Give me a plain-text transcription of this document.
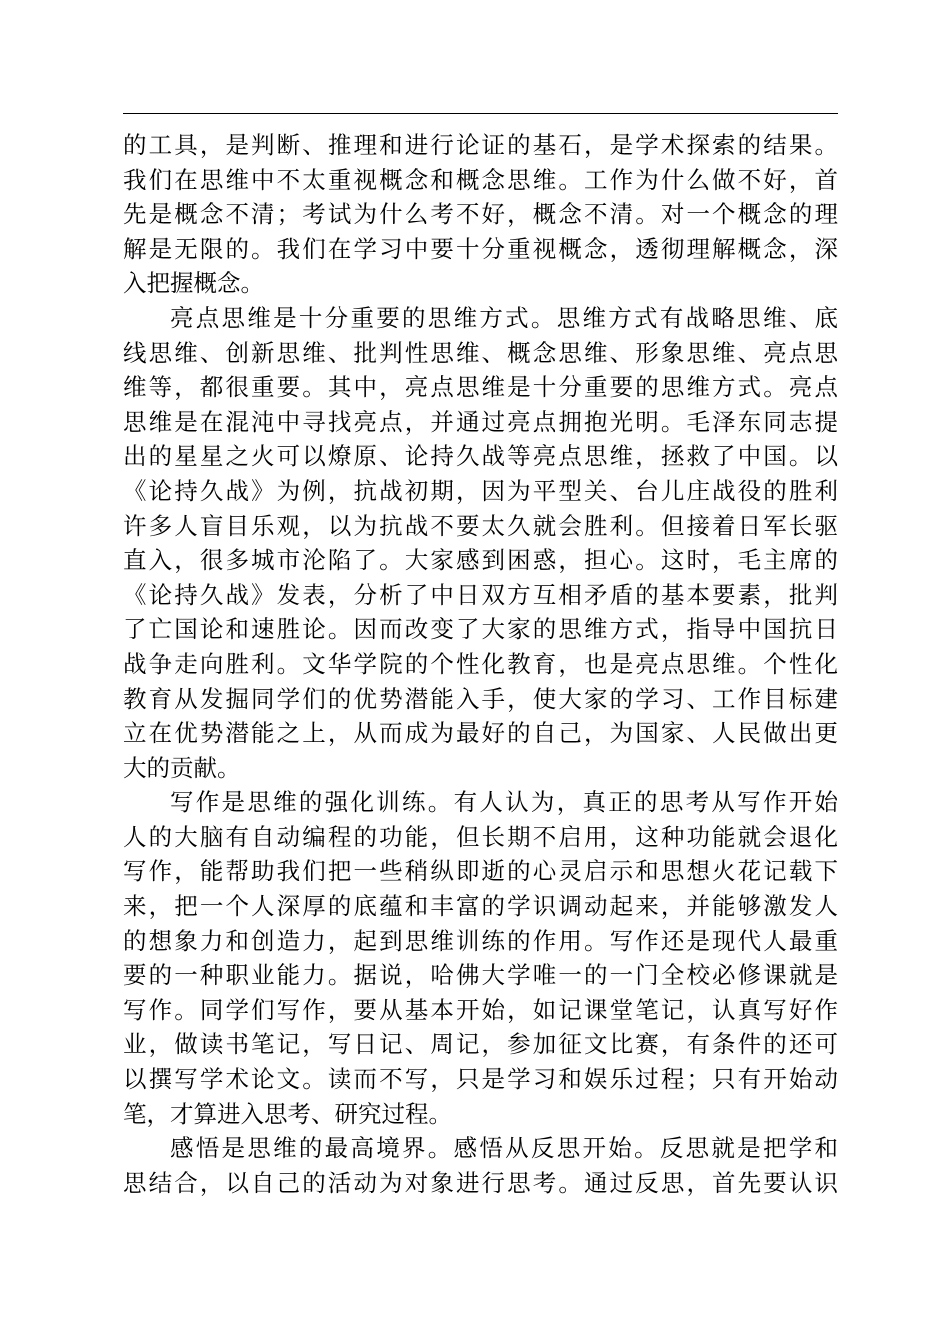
的工具，是判断、推理和进行论证的基石，是学术探索的结果。
我们在思维中不太重视概念和概念思维。工作为什么做不好，首
先是概念不清；考试为什么考不好，概念不清。对一个概念的理
解是无限的。我们在学习中要十分重视概念，透彻理解概念，深
入把握概念。
亮点思维是十分重要的思维方式。思维方式有战略思维、底
线思维、创新思维、批判性思维、概念思维、形象思维、亮点思
维等，都很重要。其中，亮点思维是十分重要的思维方式。亮点
思维是在混沌中寻找亮点，并通过亮点拥抱光明。毛泽东同志提
出的星星之火可以燎原、论持久战等亮点思维，拯救了中国。以
《论持久战》为例，抗战初期，因为平型关、台儿庄战役的胜利
许多人盲目乐观，以为抗战不要太久就会胜利。但接着日军长驱
直入，很多城市沦陷了。大家感到困惑，担心。这时，毛主席的
《论持久战》发表，分析了中日双方互相矛盾的基本要素，批判
了亡国论和速胜论。因而改变了大家的思维方式，指导中国抗日
战争走向胜利。文华学院的个性化教育，也是亮点思维。个性化
教育从发掘同学们的优势潜能入手，使大家的学习、工作目标建
立在优势潜能之上，从而成为最好的自己，为国家、人民做出更
大的贡献。
写作是思维的强化训练。有人认为，真正的思考从写作开始
人的大脑有自动编程的功能，但长期不启用，这种功能就会退化
写作，能帮助我们把一些稍纵即逝的心灵启示和思想火花记载下
来，把一个人深厚的底蕴和丰富的学识调动起来，并能够激发人
的想象力和创造力，起到思维训练的作用。写作还是现代人最重
要的一种职业能力。据说，哈佛大学唯一的一门全校必修课就是
写作。同学们写作，要从基本开始，如记课堂笔记，认真写好作
业，做读书笔记，写日记、周记，参加征文比赛，有条件的还可
以撰写学术论文。读而不写，只是学习和娱乐过程；只有开始动
笔，才算进入思考、研究过程。
感悟是思维的最高境界。感悟从反思开始。反思就是把学和
思结合，以自己的活动为对象进行思考。通过反思，首先要认识
